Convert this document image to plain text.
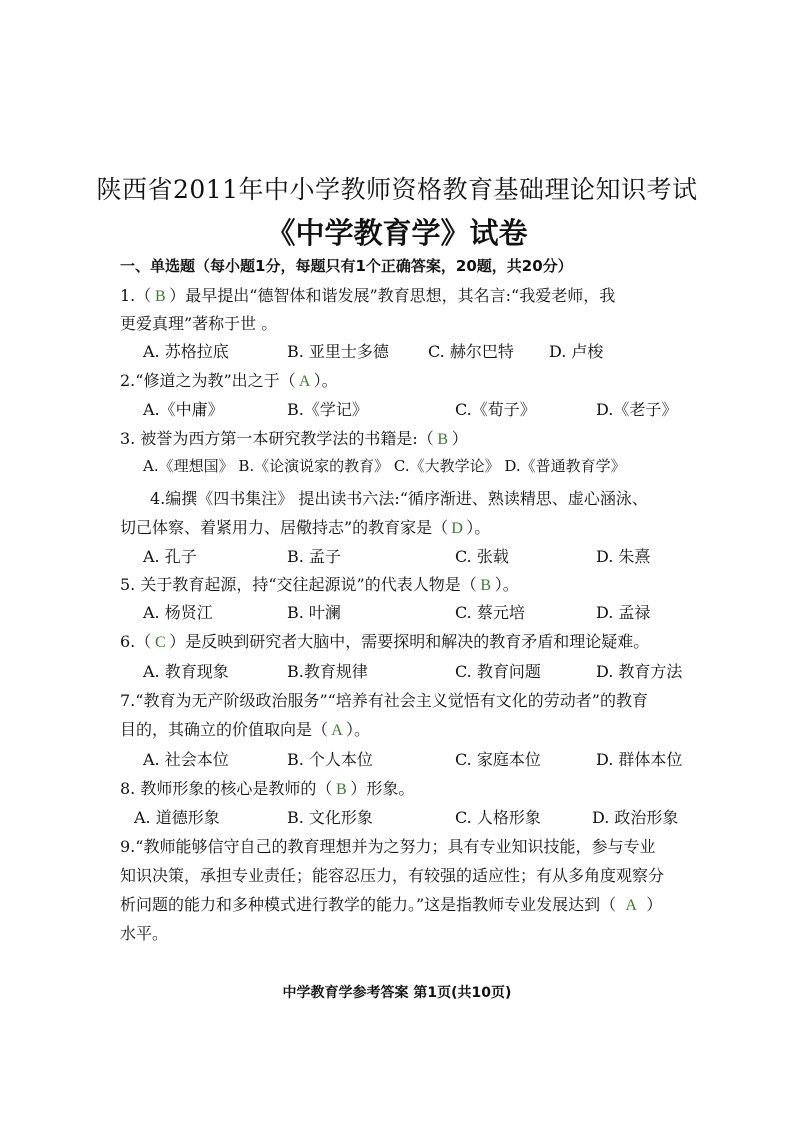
陕西省2011年中小学教师资格教育基础理论知识考试
《中学教育学》试卷
一、单选题（每小题1分，每题只有1个正确答案，20题，共20分）
1.（ B ）最早提出“德智体和谐发展”教育思想，其名言:“我爱老师，我
更爱真理”著称于世 。
A. 苏格拉底	B. 亚里士多德 C. 赫尔巴特 D. 卢梭
2.“修道之为教”出之于（ A ）。
A.《中庸》	B.《学记》	C.《荀子》	D.《老子》
3. 被誉为西方第一本研究教学法的书籍是:（ B ）
A.《理想国》 B.《论演说家的教育》 C.《大教学论》 D.《普通教育学》
4.编撰《四书集注》 提出读书六法:“循序渐进、熟读精思、虚心涵泳、
切己体察、着紧用力、居儆持志”的教育家是（ D ）。
A. 孔子	B. 孟子	C. 张载	D. 朱熹
5. 关于教育起源，持“交往起源说”的代表人物是（ B ）。
A. 杨贤江	B. 叶澜	C. 蔡元培	D. 孟禄
6.（ C ）是反映到研究者大脑中，需要探明和解决的教育矛盾和理论疑难。
A. 教育现象	B.教育规律	C. 教育问题	D. 教育方法
7.“教育为无产阶级政治服务”“培养有社会主义觉悟有文化的劳动者”的教育
目的，其确立的价值取向是（ A ）。
A. 社会本位	B. 个人本位	C. 家庭本位	D. 群体本位
8. 教师形象的核心是教师的（ B ）形象。
A. 道德形象	B. 文化形象	C. 人格形象	D. 政治形象
9.“教师能够信守自己的教育理想并为之努力；具有专业知识技能，参与专业
知识决策，承担专业责任；能容忍压力，有较强的适应性；有从多角度观察分
析问题的能力和多种模式进行教学的能力。”这是指教师专业发展达到（ A ）
水平。
中学教育学参考答案 第1页(共10页)
